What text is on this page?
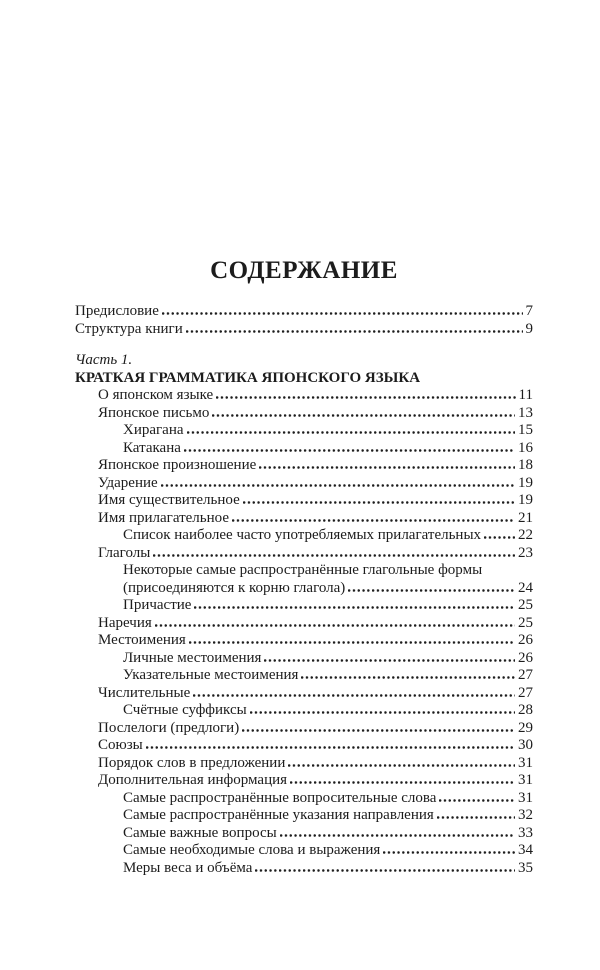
СОДЕРЖАНИЕ
Предисловие	7
Структура книги	9
Часть 1.
КРАТКАЯ ГРАММАТИКА ЯПОНСКОГО ЯЗЫКА
О японском языке	11
Японское письмо	13
Хирагана	15
Катакана	16
Японское произношение	18
Ударение	19
Имя существительное	19
Имя прилагательное	21
Список наиболее часто употребляемых прилагательных 22
Глаголы	23
Некоторые самые распространённые глагольные формы
(присоединяются к корню глагола)	24
Причастие	25
Наречия	25
Местоимения	26
Личные местоимения	26
Указательные местоимения	27
Числительные	27
Счётные суффиксы	28
Послелоги (предлоги)	29
Союзы	30
Порядок слов в предложении	31
Дополнительная информация	31
Самые распространённые вопросительные слова	31
Самые распространённые указания направления	32
Самые важные вопросы	33
Самые необходимые слова и выражения	34
Меры веса и объёма	35
